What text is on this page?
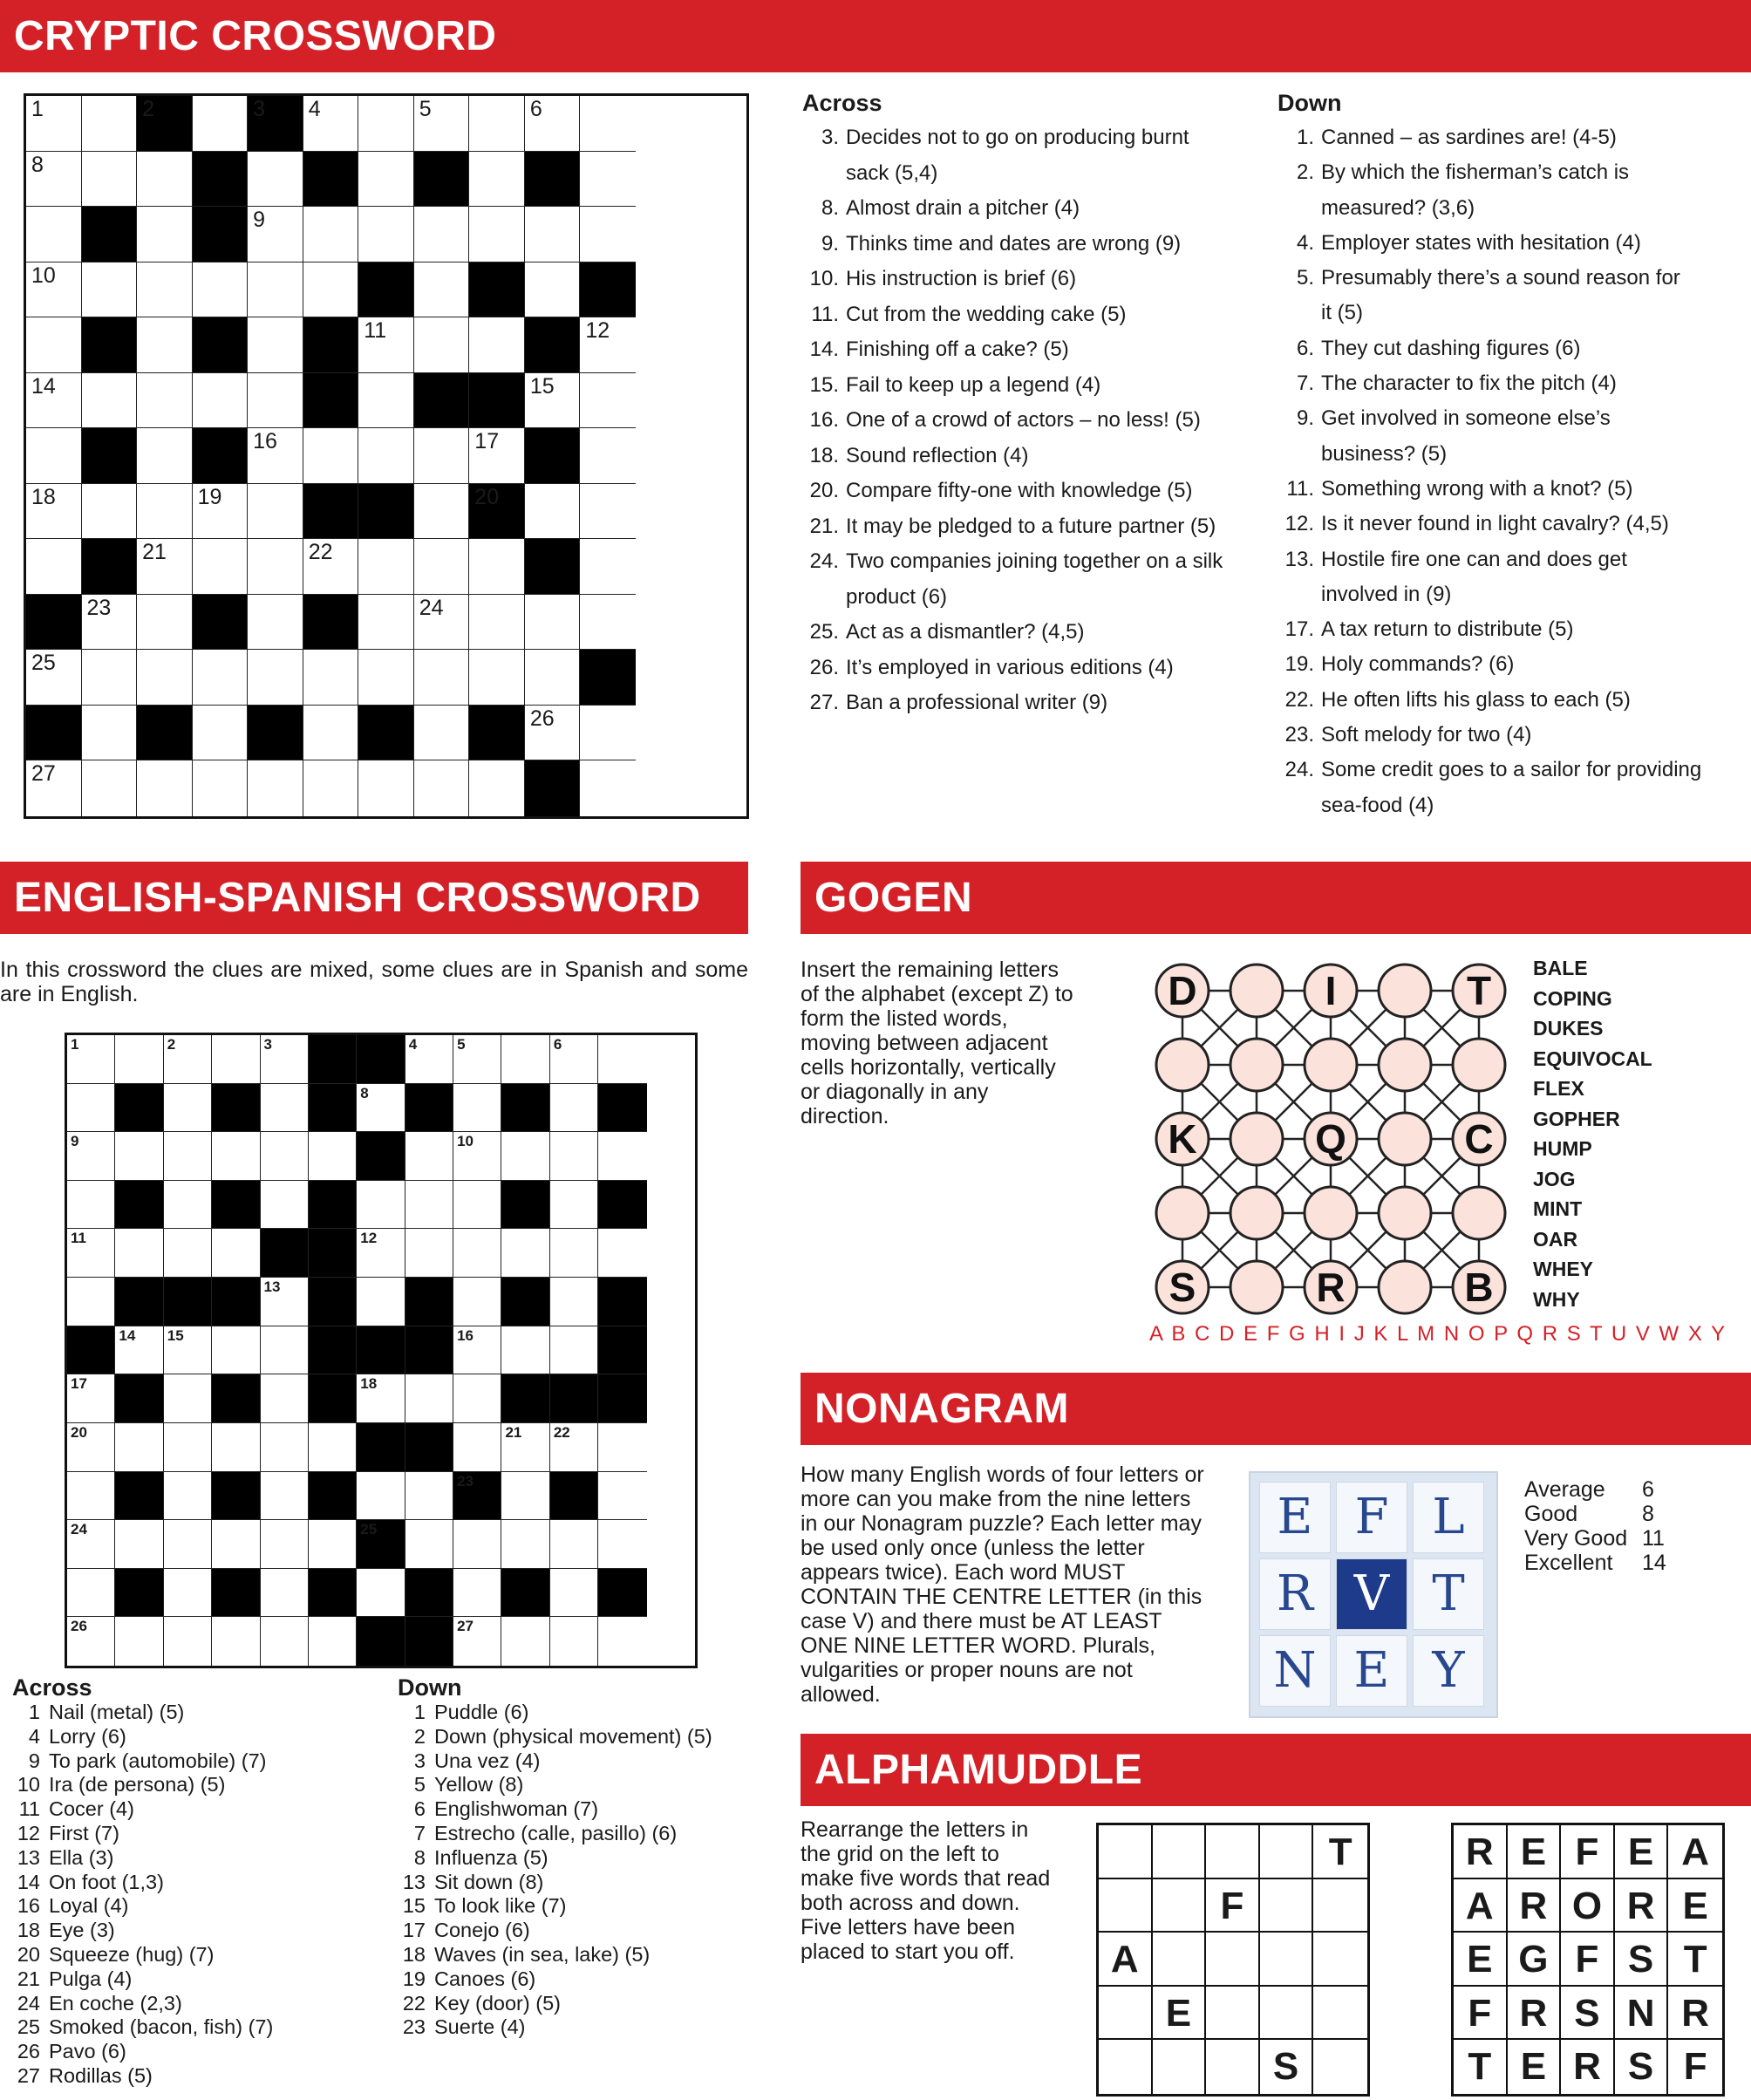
CRYPTIC CROSSWORD
ENGLISH-SPANISH CROSSWORD	GOGEN
NONAGRAM
ALPHAMUDDLE
1	2	3 4	5	6
8
9
10
11	12
14	15
16	17
18	19	20
21	22
23	24
25
26
27
Across
3. Decides not to go on producing burnt
sack (5,4)
8. Almost drain a pitcher (4)
9. Thinks time and dates are wrong (9)
10. His instruction is brief (6)
11. Cut from the wedding cake (5)
14. Finishing off a cake? (5)
15. Fail to keep up a legend (4)
16. One of a crowd of actors – no less! (5)
18. Sound reflection (4)
20. Compare fifty-one with knowledge (5)
21. It may be pledged to a future partner (5)
24. Two companies joining together on a silk
product (6)
25. Act as a dismantler? (4,5)
26. It’s employed in various editions (4)
27. Ban a professional writer (9)
Down
1. Canned – as sardines are! (4-5)
2. By which the fisherman’s catch is
measured? (3,6)
4. Employer states with hesitation (4)
5. Presumably there’s a sound reason for
it (5)
6. They cut dashing figures (6)
7. The character to fix the pitch (4)
9. Get involved in someone else’s
business? (5)
11. Something wrong with a knot? (5)
12. Is it never found in light cavalry? (4,5)
13. Hostile fire one can and does get
involved in (9)
17. A tax return to distribute (5)
19. Holy commands? (6)
22. He often lifts his glass to each (5)
23. Soft melody for two (4)
24. Some credit goes to a sailor for providing
sea-food (4)
In this crossword the clues are mixed, some clues are in Spanish and some are in English.
1	2	3	4	5	6
8
9	10
11	12
13
14 15	16
17	18
20	21 22
23
24	25
26	27
Across
1 Nail (metal) (5)
4 Lorry (6)
9 To park (automobile) (7)
10 Ira (de persona) (5)
11 Cocer (4)
12 First (7)
13 Ella (3)
14 On foot (1,3)
16 Loyal (4)
18 Eye (3)
20 Squeeze (hug) (7)
21 Pulga (4)
24 En coche (2,3)
25 Smoked (bacon, fish) (7)
26 Pavo (6)
27 Rodillas (5)
Down
1 Puddle (6)
2 Down (physical movement) (5)
3 Una vez (4)
5 Yellow (8)
6 Englishwoman (7)
7 Estrecho (calle, pasillo) (6)
8 Influenza (5)
13 Sit down (8)
15 To look like (7)
17 Conejo (6)
18 Waves (in sea, lake) (5)
19 Canoes (6)
22 Key (door) (5)
23 Suerte (4)
Insert the remaining letters of the alphabet (except Z) to form the listed words, moving between adjacent cells horizontally, vertically or diagonally in any direction.
D	I	T
K	Q	C
S	R	B
BALE
COPING
DUKES
EQUIVOCAL
FLEX
GOPHER
HUMP
JOG
MINT
OAR
WHEY
WHY
A B C D E F G H I J K L M N O P Q R S T U V W X Y
How many English words of four letters or more can you make from the nine letters in our Nonagram puzzle? Each letter may be used only once (unless the letter appears twice). Each word MUST CONTAIN THE CENTRE LETTER (in this case V) and there must be AT LEAST ONE NINE LETTER WORD. Plurals, vulgarities or proper nouns are not allowed.
E F L
R V T
N E Y
Average	6
Good	8
Very Good 11
Excellent	14
Rearrange the letters in the grid on the left to make five words that read both across and down. Five letters have been placed to start you off.
T
F
A
E
S
R E F E A
A R O R E
E G F S T
F R S N R
T E R S F
